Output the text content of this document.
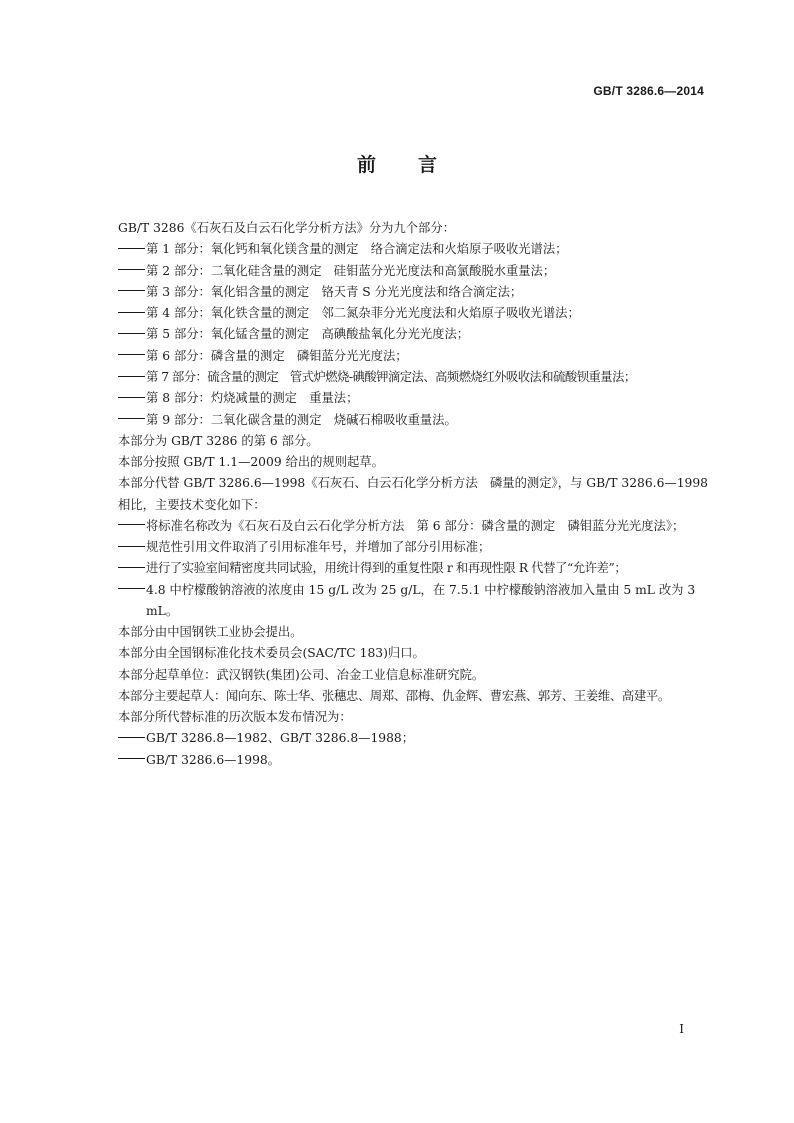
GB/T 3286.6—2014
前言

GB/T 3286《石灰石及白云石化学分析方法》分为九个部分：

第 1 部分：氧化钙和氧化镁含量的测定　络合滴定法和火焰原子吸收光谱法；

第 2 部分：二氧化硅含量的测定　硅钼蓝分光光度法和高氯酸脱水重量法；

第 3 部分：氧化铝含量的测定　铬天青 S 分光光度法和络合滴定法；

第 4 部分：氧化铁含量的测定　邻二氮杂菲分光光度法和火焰原子吸收光谱法；

第 5 部分：氧化锰含量的测定　高碘酸盐氧化分光光度法；

第 6 部分：磷含量的测定　磷钼蓝分光光度法；

第 7 部分：硫含量的测定　管式炉燃烧-碘酸钾滴定法、高频燃烧红外吸收法和硫酸钡重量法；

第 8 部分：灼烧减量的测定　重量法；

第 9 部分：二氧化碳含量的测定　烧碱石棉吸收重量法。

本部分为 GB/T 3286 的第 6 部分。

本部分按照 GB/T 1.1—2009 给出的规则起草。

本部分代替 GB/T 3286.6—1998《石灰石、白云石化学分析方法　磷量的测定》，与 GB/T 3286.6—1998 相比，主要技术变化如下：

将标准名称改为《石灰石及白云石化学分析方法　第 6 部分：磷含量的测定　磷钼蓝分光光度法》；

规范性引用文件取消了引用标准年号，并增加了部分引用标准；

进行了实验室间精密度共同试验，用统计得到的重复性限 r 和再现性限 R 代替了“允许差”；

4.8 中柠檬酸钠溶液的浓度由 15 g/L 改为 25 g/L，在 7.5.1 中柠檬酸钠溶液加入量由 5 mL 改为 3 mL。

本部分由中国钢铁工业协会提出。

本部分由全国钢标准化技术委员会(SAC/TC 183)归口。

本部分起草单位：武汉钢铁(集团)公司、冶金工业信息标准研究院。

本部分主要起草人：闻向东、陈士华、张穗忠、周郑、邵梅、仇金辉、曹宏燕、郭芳、王姜维、高建平。

本部分所代替标准的历次版本发布情况为：

GB/T 3286.8—1982、GB/T 3286.8—1988；

GB/T 3286.6—1998。

I
